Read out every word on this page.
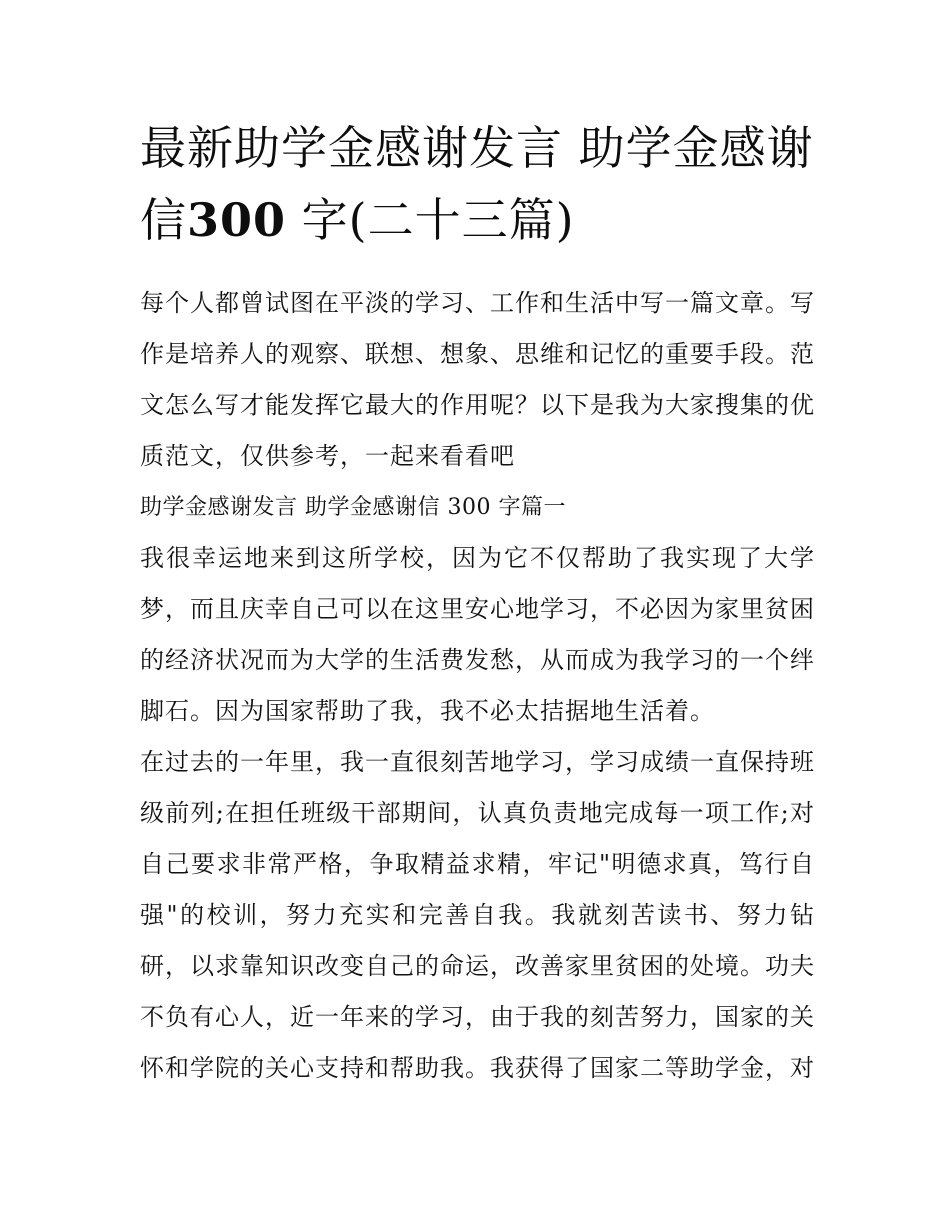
最新助学金感谢发言 助学金感谢信300 字(二十三篇)

每个人都曾试图在平淡的学习、工作和生活中写一篇文章。写作是培养人的观察、联想、想象、思维和记忆的重要手段。范文怎么写才能发挥它最大的作用呢？以下是我为大家搜集的优质范文，仅供参考，一起来看看吧

助学金感谢发言 助学金感谢信 300 字篇一

我很幸运地来到这所学校，因为它不仅帮助了我实现了大学梦，而且庆幸自己可以在这里安心地学习，不必因为家里贫困的经济状况而为大学的生活费发愁，从而成为我学习的一个绊脚石。因为国家帮助了我，我不必太拮据地生活着。

在过去的一年里，我一直很刻苦地学习，学习成绩一直保持班级前列;在担任班级干部期间，认真负责地完成每一项工作;对自己要求非常严格，争取精益求精，牢记"明德求真，笃行自强"的校训，努力充实和完善自我。我就刻苦读书、努力钻研，以求靠知识改变自己的命运，改善家里贫困的处境。功夫不负有心人，近一年来的学习，由于我的刻苦努力，国家的关怀和学院的关心支持和帮助我。我获得了国家二等助学金，对
